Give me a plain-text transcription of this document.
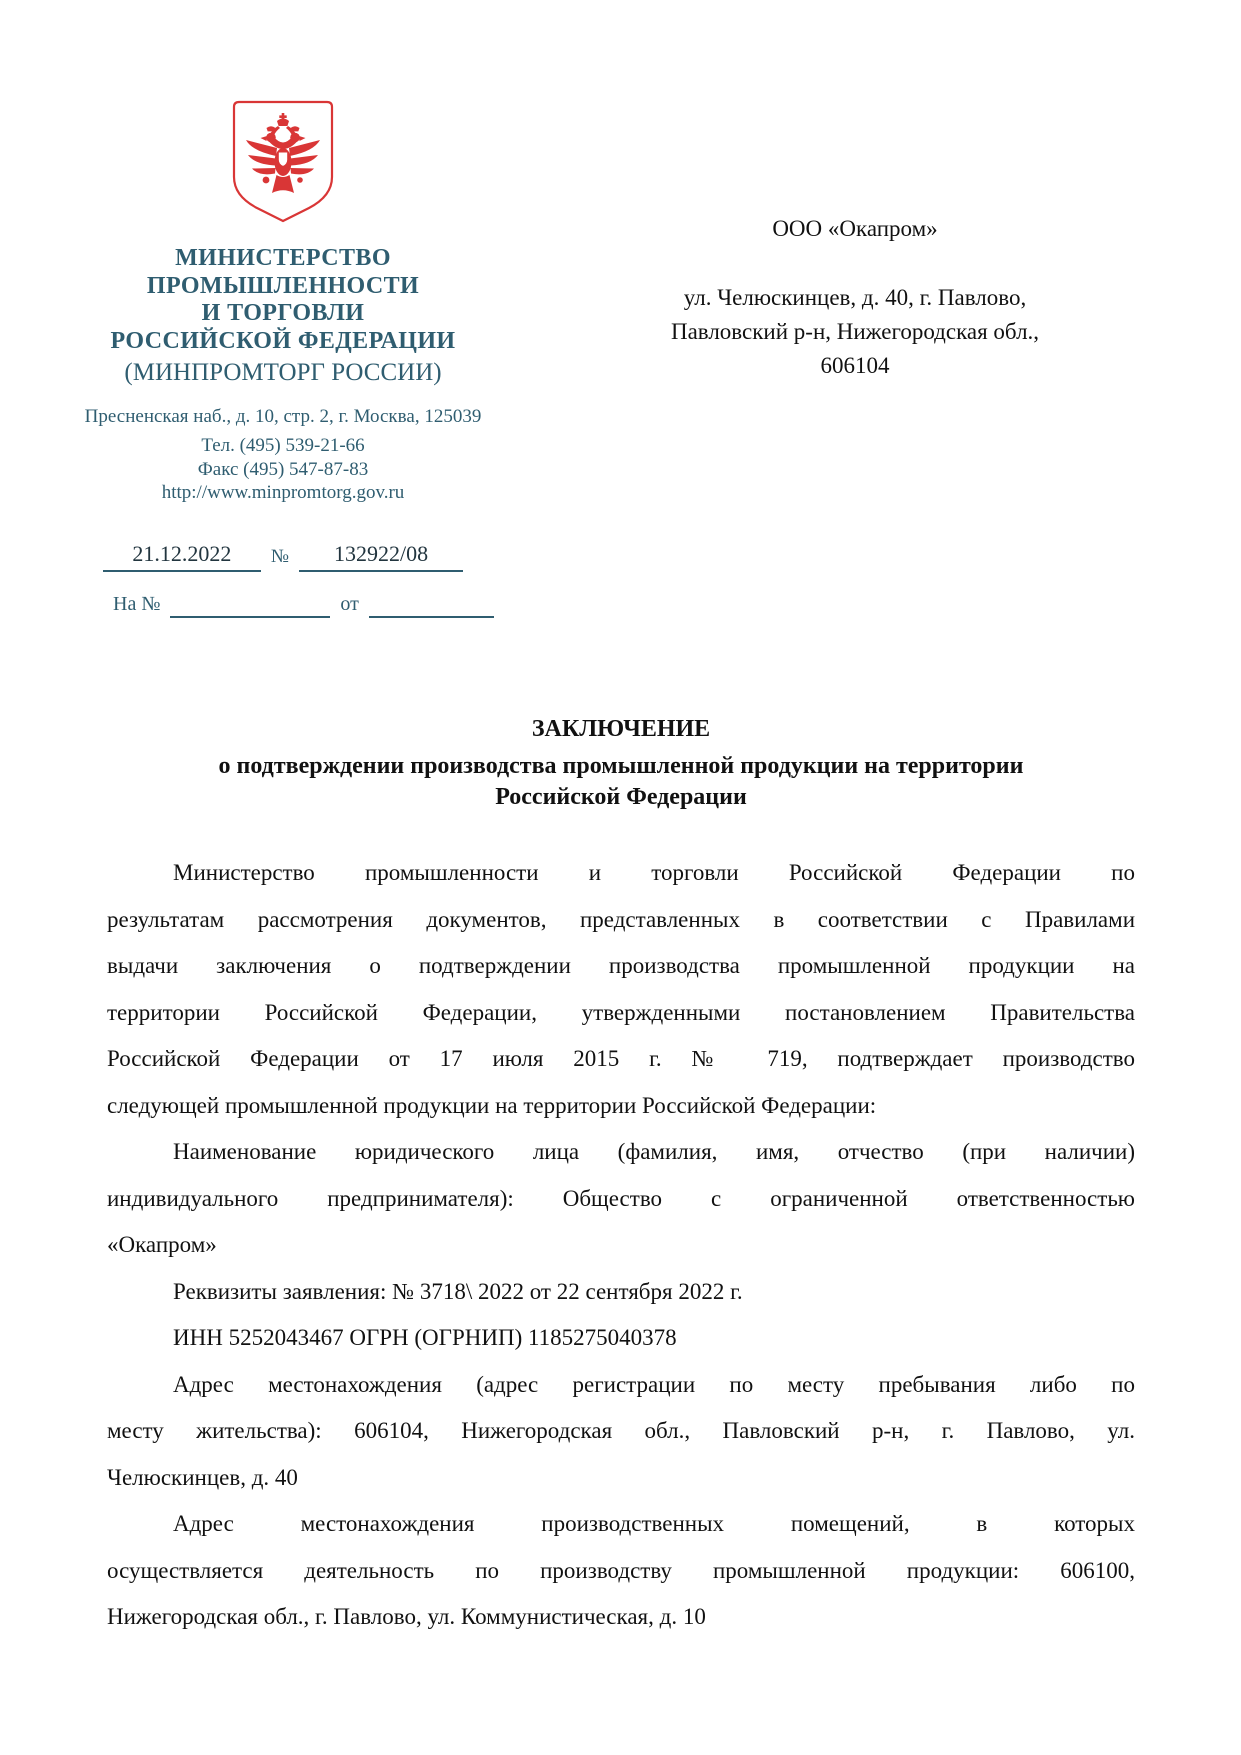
МИНИСТЕРСТВО
ПРОМЫШЛЕННОСТИ
И ТОРГОВЛИ
РОССИЙСКОЙ ФЕДЕРАЦИИ
(МИНПРОМТОРГ РОССИИ)
Пресненская наб., д. 10, стр. 2, г. Москва, 125039
Тел. (495) 539-21-66
Факс (495) 547-87-83
http://www.minpromtorg.gov.ru
21.12.2022	№	132922/08
На №	от
ООО «Окапром»
ул. Челюскинцев, д. 40, г. Павлово,
Павловский р-н, Нижегородская обл.,
606104
ЗАКЛЮЧЕНИЕ
о подтверждении производства промышленной продукции на территории
Российской Федерации
Министерство промышленности и торговли Российской Федерации по
результатам рассмотрения документов, представленных в соответствии с Правилами
выдачи заключения о подтверждении производства промышленной продукции на
территории Российской Федерации, утвержденными постановлением Правительства
Российской Федерации от 17 июля 2015 г. № 719, подтверждает производство
следующей промышленной продукции на территории Российской Федерации:
Наименование юридического лица (фамилия, имя, отчество (при наличии)
индивидуального предпринимателя): Общество с ограниченной ответственностью
«Окапром»
Реквизиты заявления: № 3718\ 2022 от 22 сентября 2022 г.
ИНН 5252043467 ОГРН (ОГРНИП) 1185275040378
Адрес местонахождения (адрес регистрации по месту пребывания либо по
месту жительства): 606104, Нижегородская обл., Павловский р-н, г. Павлово, ул.
Челюскинцев, д. 40
Адрес местонахождения производственных помещений, в которых
осуществляется деятельность по производству промышленной продукции: 606100,
Нижегородская обл., г. Павлово, ул. Коммунистическая, д. 10
